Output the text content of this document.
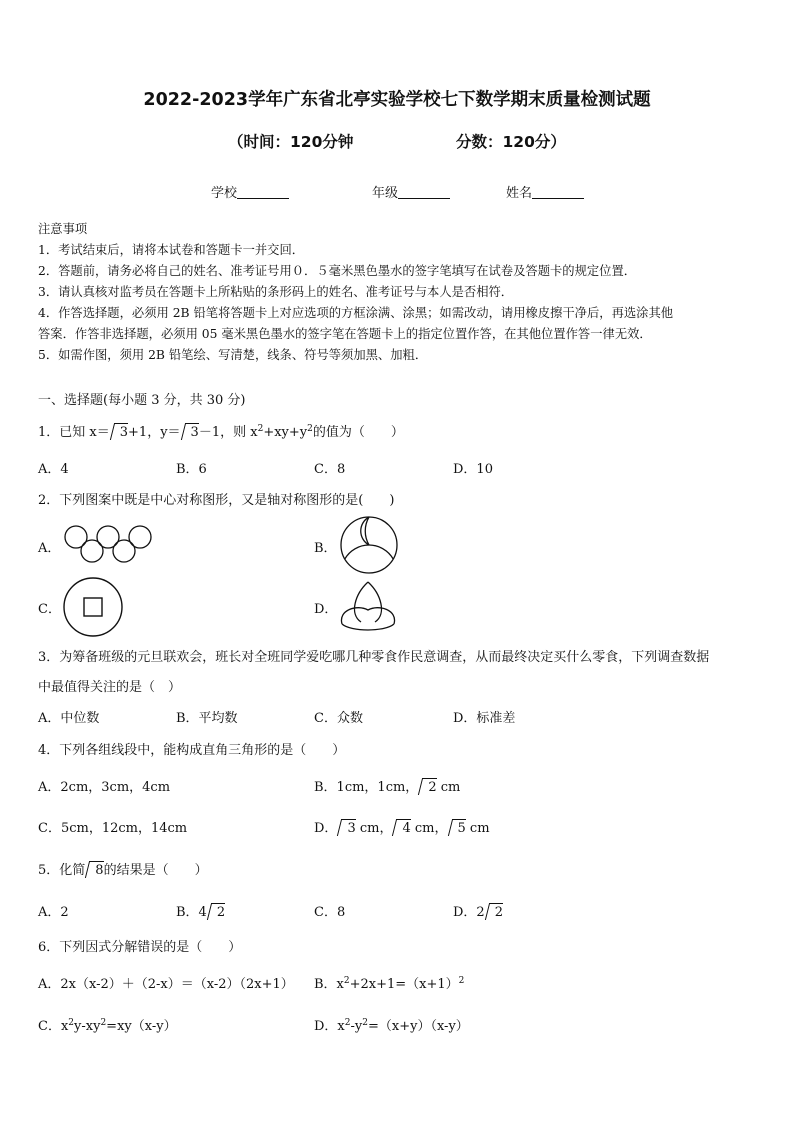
2022-2023学年广东省北亭实验学校七下数学期末质量检测试题
（时间：120分钟	分数：120分）
学校	年级	姓名
注意事项
1．考试结束后，请将本试卷和答题卡一并交回．
2．答题前，请务必将自己的姓名、准考证号用０．５毫米黑色墨水的签字笔填写在试卷及答题卡的规定位置．
3．请认真核对监考员在答题卡上所粘贴的条形码上的姓名、准考证号与本人是否相符．
4．作答选择题，必须用 2B 铅笔将答题卡上对应选项的方框涂满、涂黑；如需改动，请用橡皮擦干净后，再选涂其他
答案．作答非选择题，必须用 05 毫米黑色墨水的签字笔在答题卡上的指定位置作答，在其他位置作答一律无效．
5．如需作图，须用 2B 铅笔绘、写清楚，线条、符号等须加黑、加粗．
一、选择题(每小题 3 分，共 30 分)
1．已知 x＝ 3+1，y＝ 3－1，则 $x^2+xy+y^2$的值为（　　）
A．4	B．6	C．8	D．10
2．下列图案中既是中心对称图形，又是轴对称图形的是(　　)
A．	B．
C．	D．
3．为筹备班级的元旦联欢会，班长对全班同学爱吃哪几种零食作民意调查，从而最终决定买什么零食，下列调查数据
中最值得关注的是（　）
A．中位数	B．平均数	C．众数	D．标准差
4．下列各组线段中，能构成直角三角形的是（　　）
A．2cm，3cm，4cm	B．1cm，1cm， 2 cm
C．5cm，12cm，14cm	D． 3 cm， 4 cm， 5 cm
5．化简 8的结果是（　　）
A．2	B．4 2	C．8	D．2 2
6．下列因式分解错误的是（　　）
A．2x（x-2）＋（2-x）＝（x-2）（2x+1） B．$x^2+2x+1=(x+1)^2$
C．$x^2y-xy^2=xy(x-y)$	D．$x^2-y^2=(x+y)(x-y)$
